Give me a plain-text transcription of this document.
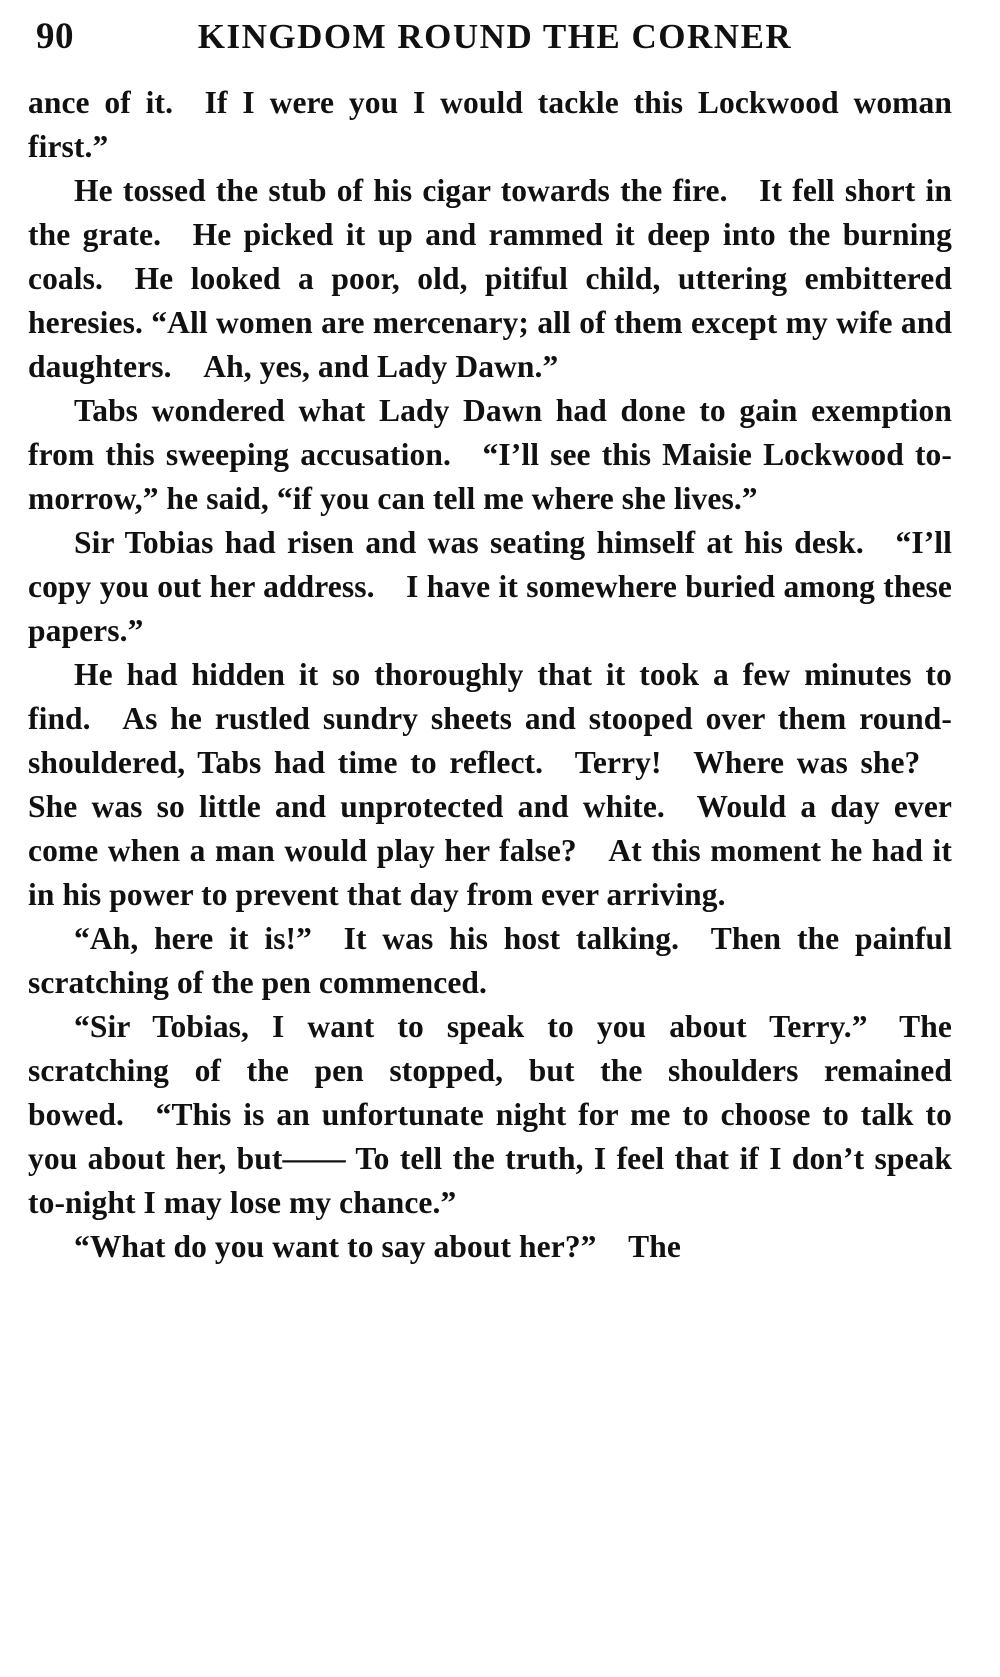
90	KINGDOM ROUND THE CORNER

ance of it. If I were you I would tackle this Lockwood woman first.”

He tossed the stub of his cigar towards the fire. It fell short in the grate. He picked it up and rammed it deep into the burning coals. He looked a poor, old, pitiful child, uttering embittered heresies. “All women are mercenary; all of them except my wife and daughters. Ah, yes, and Lady Dawn.”

Tabs wondered what Lady Dawn had done to gain exemption from this sweeping accusation. “I’ll see this Maisie Lockwood to-morrow,” he said, “if you can tell me where she lives.”

Sir Tobias had risen and was seating himself at his desk. “I’ll copy you out her address. I have it somewhere buried among these papers.”

He had hidden it so thoroughly that it took a few minutes to find. As he rustled sundry sheets and stooped over them round-shouldered, Tabs had time to reflect. Terry! Where was she? She was so little and unprotected and white. Would a day ever come when a man would play her false? At this moment he had it in his power to prevent that day from ever arriving.

“Ah, here it is!” It was his host talking. Then the painful scratching of the pen commenced.

“Sir Tobias, I want to speak to you about Terry.” The scratching of the pen stopped, but the shoulders remained bowed. “This is an unfortunate night for me to choose to talk to you about her, but—— To tell the truth, I feel that if I don’t speak to-night I may lose my chance.”

“What do you want to say about her?” The
